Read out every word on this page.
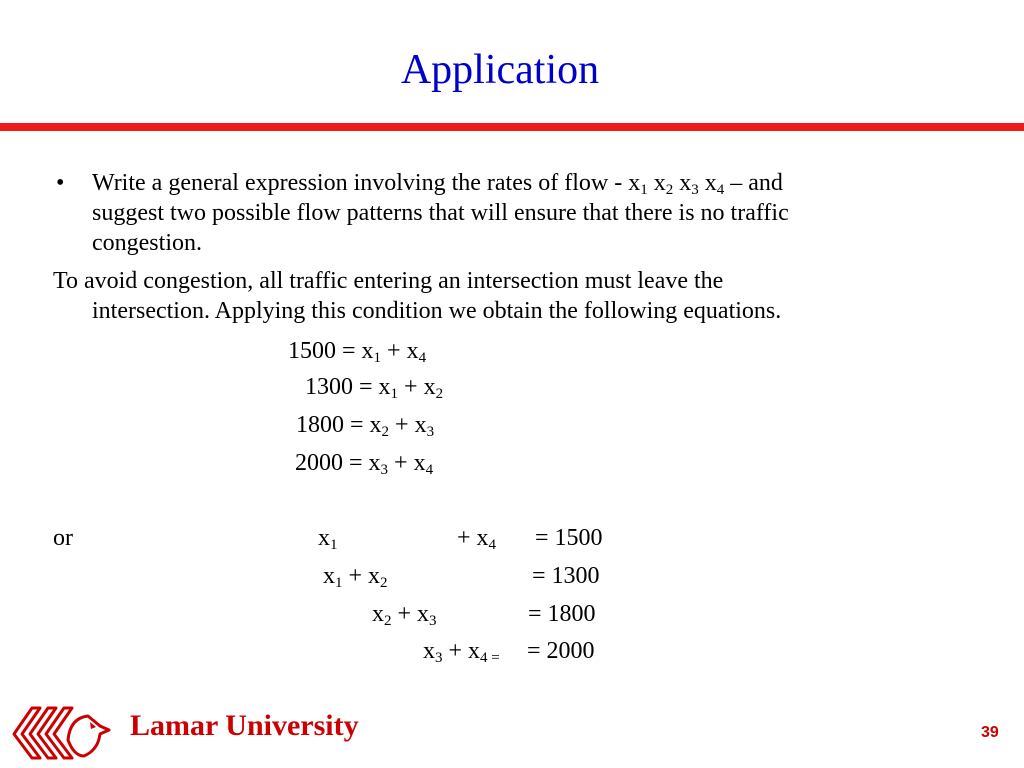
Application
• Write a general expression involving the rates of flow - $x_1$ $x_2$ $x_3$ $x_4$ – and
suggest two possible flow patterns that will ensure that there is no traffic
congestion.
To avoid congestion, all traffic entering an intersection must leave the
intersection. Applying this condition we obtain the following equations.
$1500 = x_1 + x_4$
$1300 = x_1 + x_2$
$1800 = x_2 + x_3$
$2000 = x_3 + x_4$
or	$x_1$	+ $x_4 = 1500$
$x_1 + x_2$	= 1300
$x_2 + x_3$	= 1800
$x_3 + x_{4 =} = 2000$
Lamar University	39
